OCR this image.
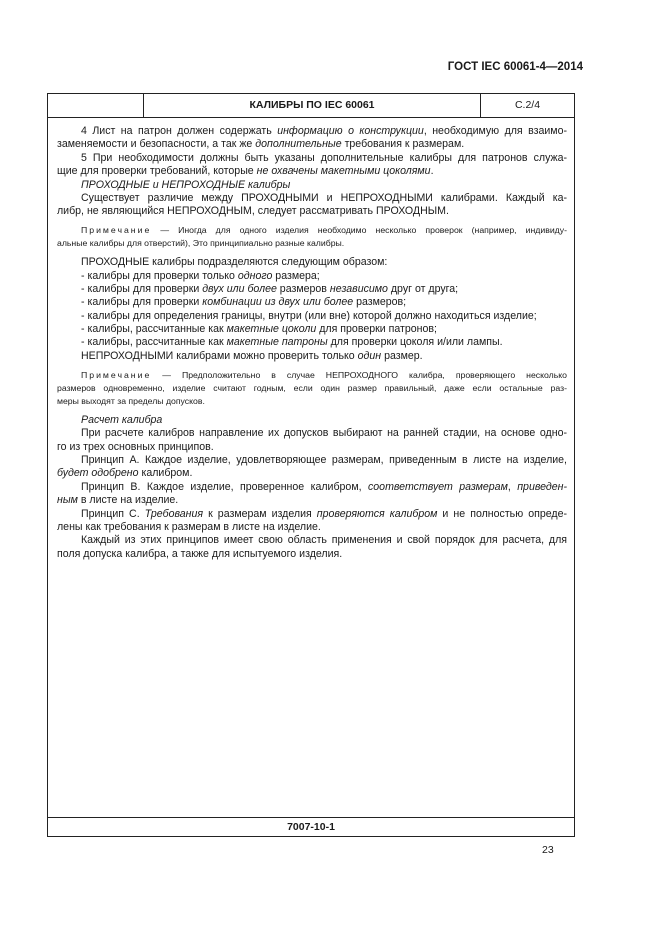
ГОСТ IEC 60061-4—2014
КАЛИБРЫ ПО IEC 60061	С.2/4
4 Лист на патрон должен содержать информацию о конструкции, необходимую для взаимо-
заменяемости и безопасности, а так же дополнительные требования к размерам.
5 При необходимости должны быть указаны дополнительные калибры для патронов служа-
щие для проверки требований, которые не охвачены макетными цоколями.
ПРОХОДНЫЕ и НЕПРОХОДНЫЕ калибры
Существует различие между ПРОХОДНЫМИ и НЕПРОХОДНЫМИ калибрами. Каждый ка-
либр, не являющийся НЕПРОХОДНЫМ, следует рассматривать ПРОХОДНЫМ.
Примечание — Иногда для одного изделия необходимо несколько проверок (например, индивиду-
альные калибры для отверстий), Это принципиально разные калибры.
ПРОХОДНЫЕ калибры подразделяются следующим образом:
- калибры для проверки только одного размера;
- калибры для проверки двух или более размеров независимо друг от друга;
- калибры для проверки комбинации из двух или более размеров;
- калибры для определения границы, внутри (или вне) которой должно находиться изделие;
- калибры, рассчитанные как макетные цоколи для проверки патронов;
- калибры, рассчитанные как макетные патроны для проверки цоколя и/или лампы.
НЕПРОХОДНЫМИ калибрами можно проверить только один размер.
Примечание — Предположительно в случае НЕПРОХОДНОГО калибра, проверяющего несколько
размеров одновременно, изделие считают годным, если один размер правильный, даже если остальные раз-
меры выходят за пределы допусков.
Расчет калибра
При расчете калибров направление их допусков выбирают на ранней стадии, на основе одно-
го из трех основных принципов.
Принцип А. Каждое изделие, удовлетворяющее размерам, приведенным в листе на изделие,
будет одобрено калибром.
Принцип В. Каждое изделие, проверенное калибром, соответствует размерам, приведен-
ным в листе на изделие.
Принцип С. Требования к размерам изделия проверяются калибром и не полностью опреде-
лены как требования к размерам в листе на изделие.
Каждый из этих принципов имеет свою область применения и свой порядок для расчета, для
поля допуска калибра, а также для испытуемого изделия.
7007-10-1
23
